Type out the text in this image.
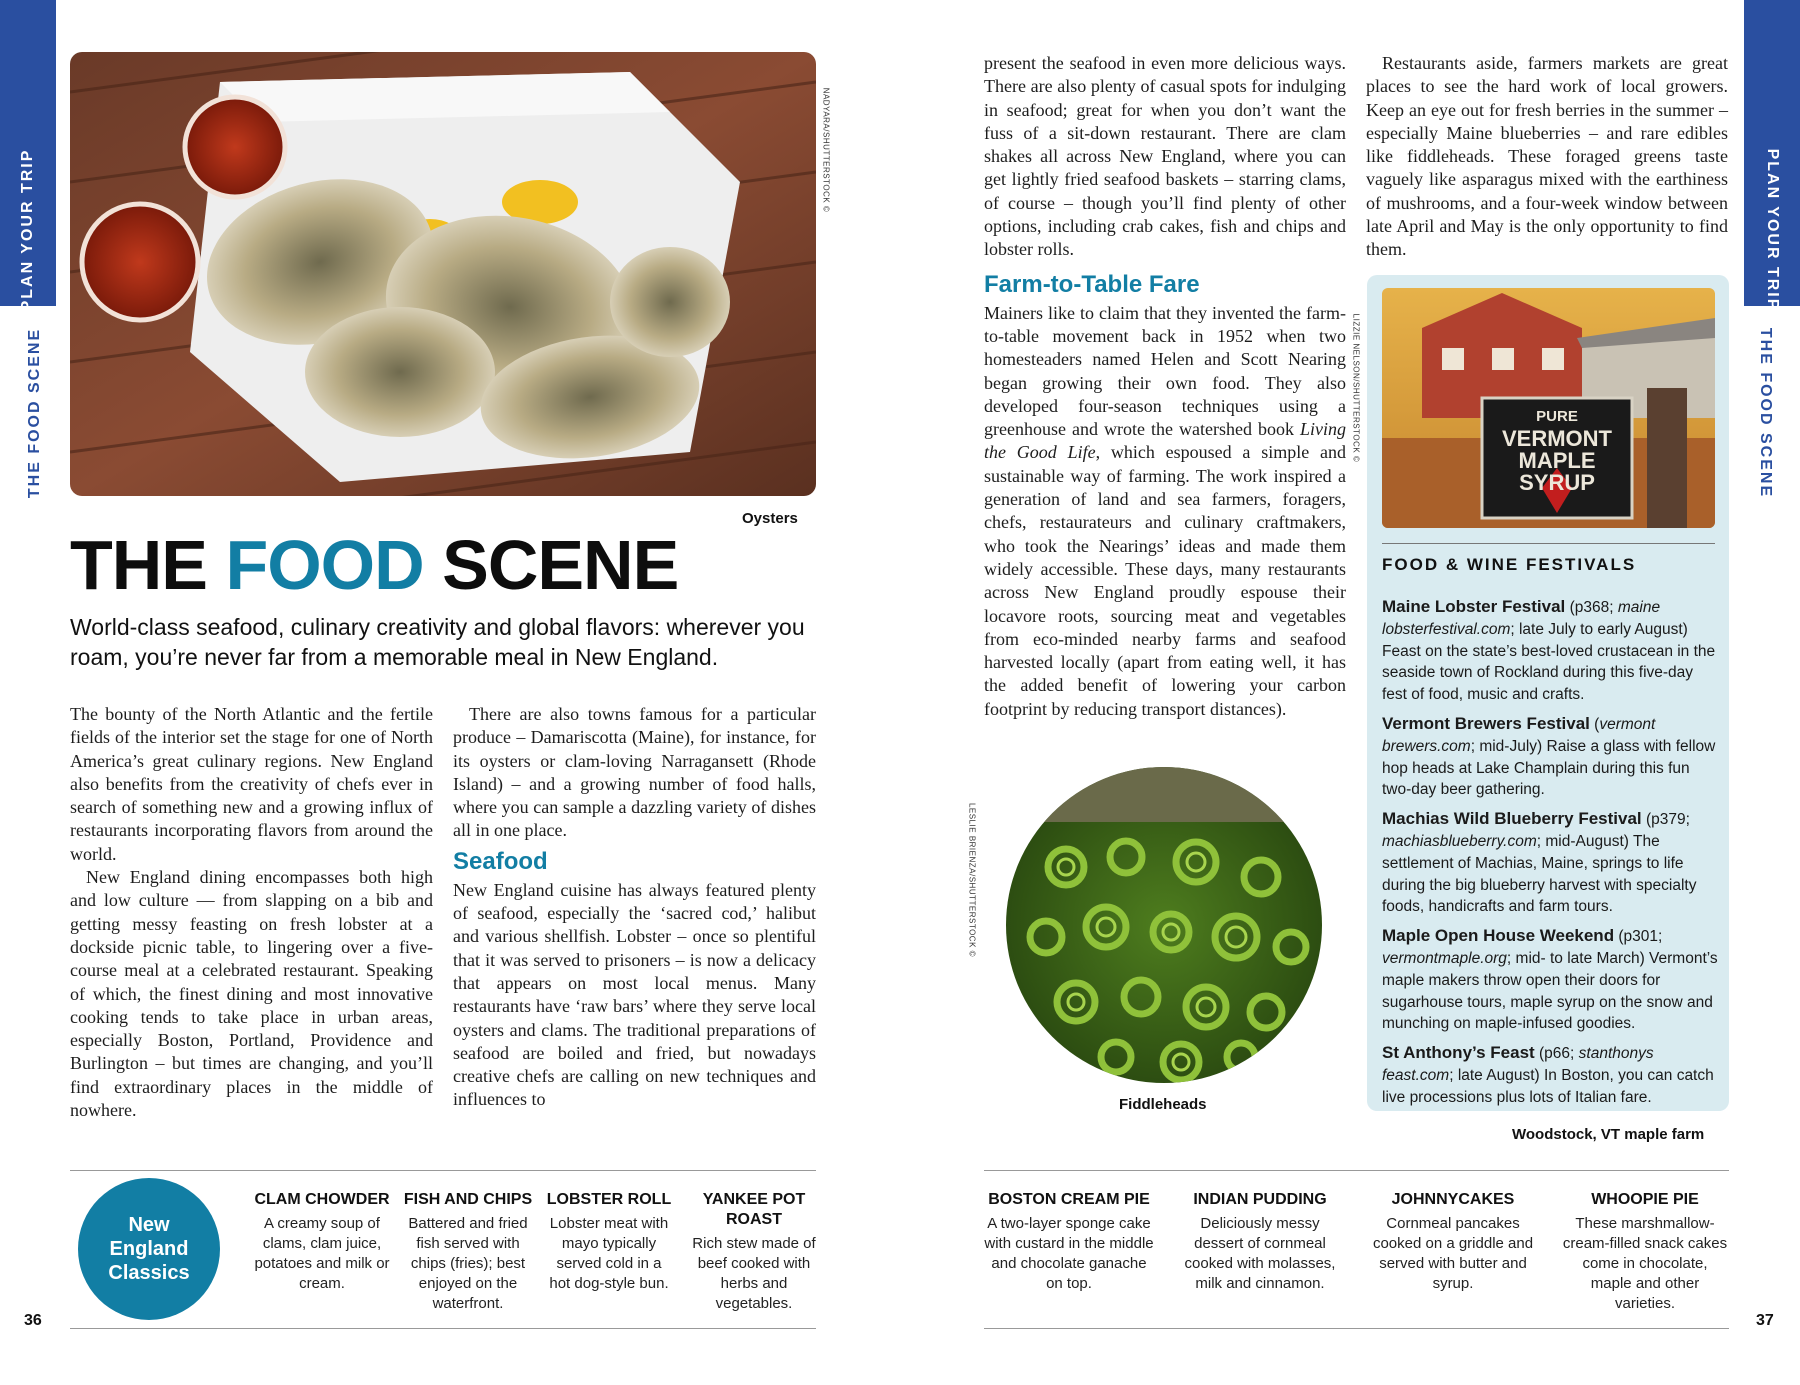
PLAN YOUR TRIP
THE FOOD SCENE
PLAN YOUR TRIP
THE FOOD SCENE
NADYARA/SHUTTERSTOCK ©
Oysters
THE FOOD SCENE
World-class seafood, culinary creativity and global flavors: wherever you roam, you’re never far from a memorable meal in New England.

The bounty of the North Atlantic and the fertile fields of the interior set the stage for one of North America’s great culinary regions. New England also benefits from the creativity of chefs ever in search of something new and a growing influx of restaurants incorporating flavors from around the world.

New England dining encompasses both high and low culture — from slapping on a bib and getting messy feasting on fresh lobster at a dockside picnic table, to lingering over a five-course meal at a celebrated restaurant. Speaking of which, the finest dining and most innovative cooking tends to take place in urban areas, especially Boston, Portland, Providence and Burlington – but times are changing, and you’ll find extraordinary places in the middle of nowhere.

There are also towns famous for a particular produce – Damariscotta (Maine), for instance, for its oysters or clam-loving Narragansett (Rhode Island) – and a growing number of food halls, where you can sample a dazzling variety of dishes all in one place.

Seafood

New England cuisine has always featured plenty of seafood, especially the ‘sacred cod,’ halibut and various shellfish. Lobster – once so plentiful that it was served to prisoners – is now a delicacy that appears on most local menus. Many restaurants have ‘raw bars’ where they serve local oysters and clams. The traditional preparations of seafood are boiled and fried, but nowadays creative chefs are calling on new techniques and influences to

present the seafood in even more delicious ways. There are also plenty of casual spots for indulging in seafood; great for when you don’t want the fuss of a sit-down restaurant. There are clam shakes all across New England, where you can get lightly fried seafood baskets – starring clams, of course – though you’ll find plenty of other options, including crab cakes, fish and chips and lobster rolls.

Farm-to-Table Fare

Mainers like to claim that they invented the farm-to-table movement back in 1952 when two homesteaders named Helen and Scott Nearing began growing their own food. They also developed four-season techniques using a greenhouse and wrote the watershed book Living the Good Life, which espoused a simple and sustainable way of farming. The work inspired a generation of land and sea farmers, foragers, chefs, restaurateurs and culinary craftmakers, who took the Nearings’ ideas and made them widely accessible. These days, many restaurants across New England proudly espouse their locavore roots, sourcing meat and vegetables from eco-minded nearby farms and seafood harvested locally (apart from eating well, it has the added benefit of lowering your carbon footprint by reducing transport distances).

Restaurants aside, farmers markets are great places to see the hard work of local growers. Keep an eye out for fresh berries in the summer – especially Maine blueberries – and rare edibles like fiddleheads. These foraged greens taste vaguely like asparagus mixed with the earthiness of mushrooms, and a four-week window between late April and May is the only opportunity to find them.

PURE
VERMONT
MAPLE
SYRUP
LIZZIE NELSON/SHUTTERSTOCK ©
FOOD & WINE FESTIVALS
Maine Lobster Festival (p368; maine lobsterfestival.com; late July to early August) Feast on the state’s best-loved crustacean in the seaside town of Rockland during this five-day fest of food, music and crafts.
Vermont Brewers Festival (vermont brewers.com; mid-July) Raise a glass with fellow hop heads at Lake Champlain during this fun two-day beer gathering.
Machias Wild Blueberry Festival (p379; machiasblueberry.com; mid-August) The settlement of Machias, Maine, springs to life during the big blueberry harvest with specialty foods, handicrafts and farm tours.
Maple Open House Weekend (p301; vermontmaple.org; mid- to late March) Vermont’s maple makers throw open their doors for sugarhouse tours, maple syrup on the snow and munching on maple-infused goodies.
St Anthony’s Feast (p66; stanthonys feast.com; late August) In Boston, you can catch live processions plus lots of Italian fare.
Woodstock, VT maple farm
LESLIE BRIENZA/SHUTTERSTOCK ©
Fiddleheads
New England Classics
CLAM CHOWDER
A creamy soup of clams, clam juice, potatoes and milk or cream.
FISH AND CHIPS
Battered and fried fish served with chips (fries); best enjoyed on the waterfront.
LOBSTER ROLL
Lobster meat with mayo typically served cold in a hot dog-style bun.
YANKEE POT ROAST
Rich stew made of beef cooked with herbs and vegetables.
BOSTON CREAM PIE
A two-layer sponge cake with custard in the middle and chocolate ganache on top.
INDIAN PUDDING
Deliciously messy dessert of cornmeal cooked with molasses, milk and cinnamon.
JOHNNYCAKES
Cornmeal pancakes cooked on a griddle and served with butter and syrup.
WHOOPIE PIE
These marshmallow-cream-filled snack cakes come in chocolate, maple and other varieties.
36	37
